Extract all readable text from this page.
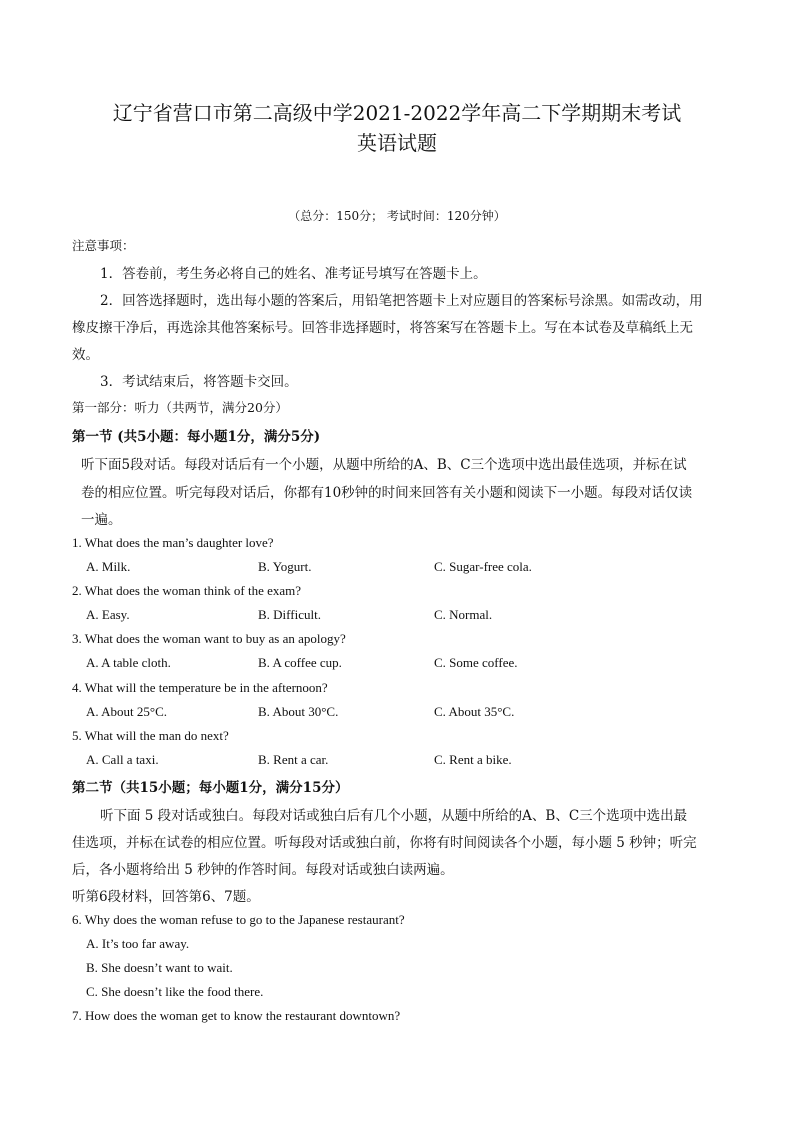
辽宁省营口市第二高级中学2021-2022学年高二下学期期末考试
英语试题
（总分：150分； 考试时间：120分钟）
注意事项：
1．答卷前，考生务必将自己的姓名、准考证号填写在答题卡上。
2．回答选择题时，选出每小题的答案后，用铅笔把答题卡上对应题目的答案标号涂黑。如需改动，用
橡皮擦干净后，再选涂其他答案标号。回答非选择题时，将答案写在答题卡上。写在本试卷及草稿纸上无
效。
3．考试结束后，将答题卡交回。
第一部分：听力（共两节，满分20分）
第一节 (共5小题：每小题1分，满分5分)
听下面5段对话。每段对话后有一个小题，从题中所给的A、B、C三个选项中选出最佳选项，并标在试
卷的相应位置。听完每段对话后，你都有10秒钟的时间来回答有关小题和阅读下一小题。每段对话仅读
一遍。
1. What does the man’s daughter love?
A. Milk.	B. Yogurt.	C. Sugar-free cola.
2. What does the woman think of the exam?
A. Easy.	B. Difficult.	C. Normal.
3. What does the woman want to buy as an apology?
A. A table cloth.	B. A coffee cup.	C. Some coffee.
4. What will the temperature be in the afternoon?
A. About 25°C.	B. About 30°C.	C. About 35°C.
5. What will the man do next?
A. Call a taxi.	B. Rent a car.	C. Rent a bike.
第二节（共15小题；每小题1分，满分15分）
听下面 5 段对话或独白。每段对话或独白后有几个小题，从题中所给的A、B、C三个选项中选出最
佳选项，并标在试卷的相应位置。听每段对话或独白前，你将有时间阅读各个小题，每小题 5 秒钟；听完
后，各小题将给出 5 秒钟的作答时间。每段对话或独白读两遍。
听第6段材料，回答第6、7题。
6. Why does the woman refuse to go to the Japanese restaurant?
A. It’s too far away.
B. She doesn’t want to wait.
C. She doesn’t like the food there.
7. How does the woman get to know the restaurant downtown?
